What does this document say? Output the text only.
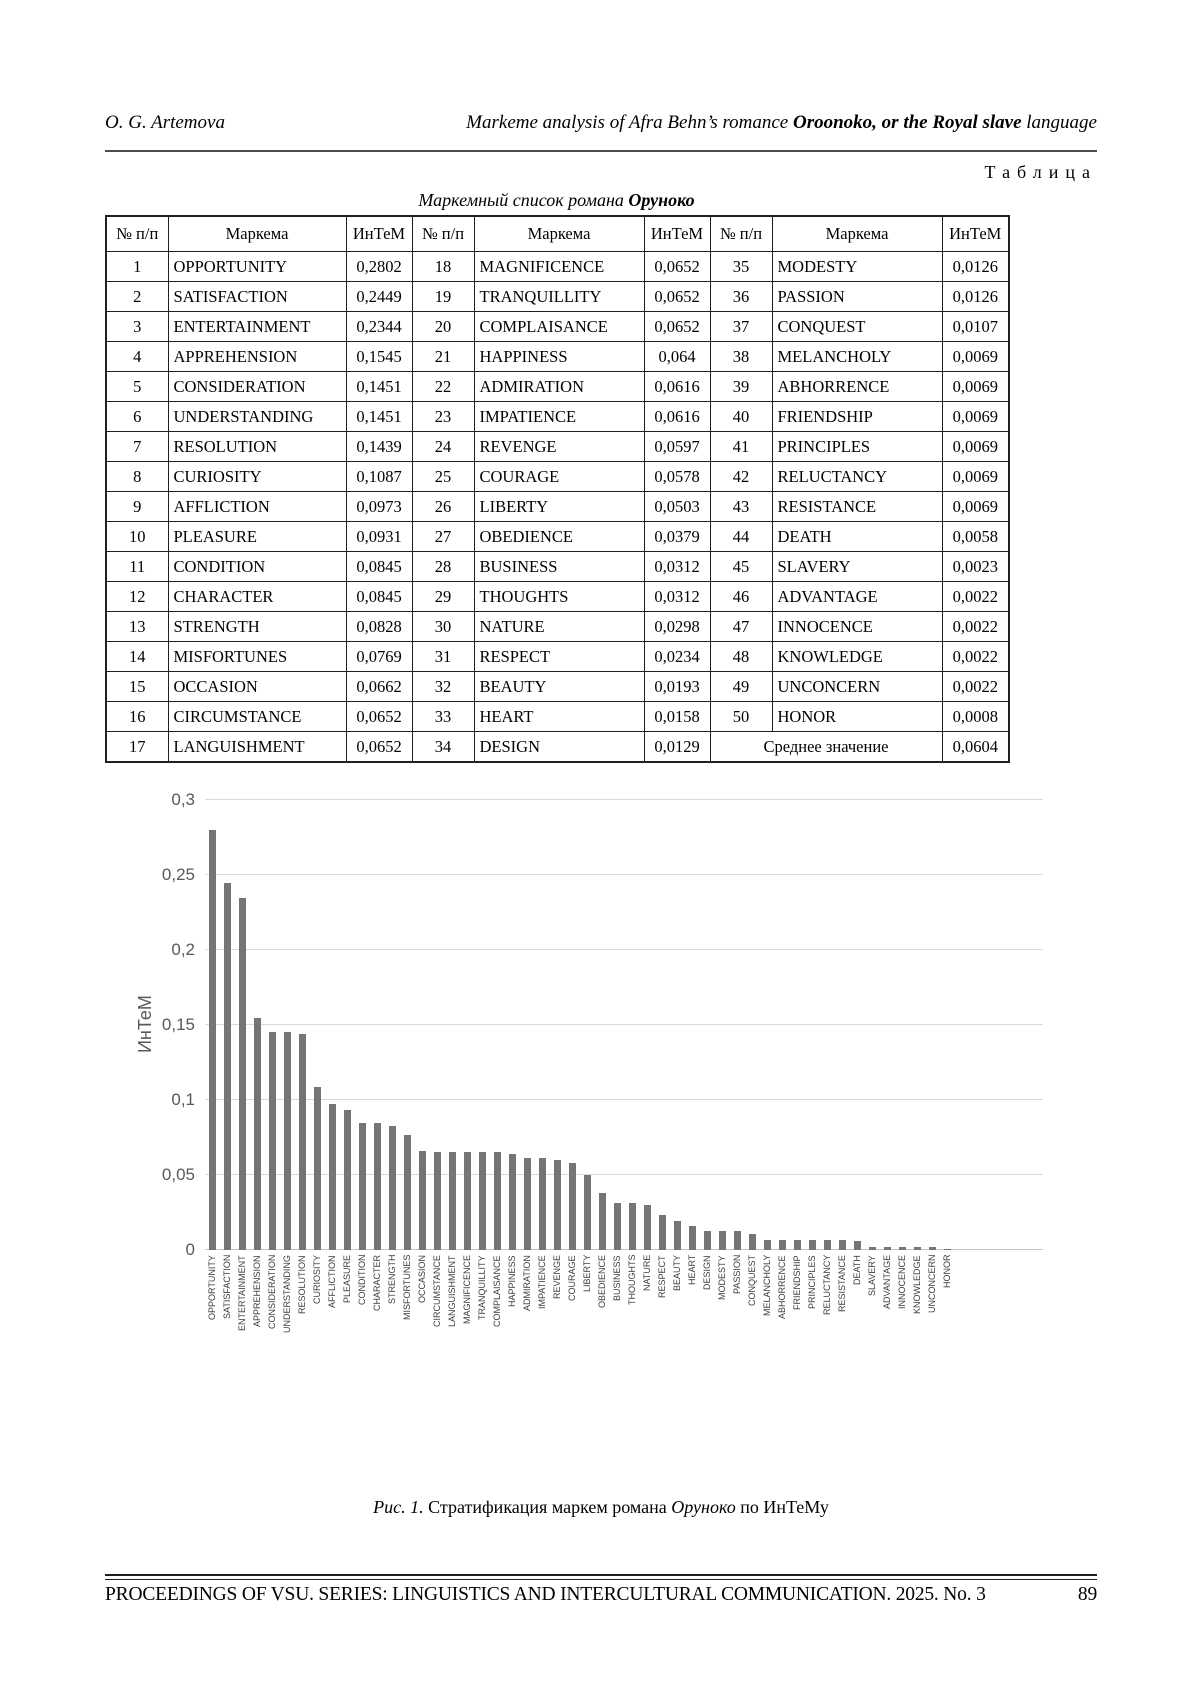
O. G. Artemova	Markeme analysis of Afra Behn’s romance Oroonoko, or the Royal slave language
Таблица
Маркемный список романа Оруноко
№ п/п	Маркема	ИнТеМ	№ п/п	Маркема	ИнТеМ	№ п/п	Маркема	ИнТеМ
1	OPPORTUNITY	0,2802	18	MAGNIFICENCE	0,0652	35	MODESTY	0,0126
2	SATISFACTION	0,2449	19	TRANQUILLITY	0,0652	36	PASSION	0,0126
3	ENTERTAINMENT	0,2344	20	COMPLAISANCE	0,0652	37	CONQUEST	0,0107
4	APPREHENSION	0,1545	21	HAPPINESS	0,064	38	MELANCHOLY	0,0069
5	CONSIDERATION	0,1451	22	ADMIRATION	0,0616	39	ABHORRENCE	0,0069
6	UNDERSTANDING	0,1451	23	IMPATIENCE	0,0616	40	FRIENDSHIP	0,0069
7	RESOLUTION	0,1439	24	REVENGE	0,0597	41	PRINCIPLES	0,0069
8	CURIOSITY	0,1087	25	COURAGE	0,0578	42	RELUCTANCY	0,0069
9	AFFLICTION	0,0973	26	LIBERTY	0,0503	43	RESISTANCE	0,0069
10	PLEASURE	0,0931	27	OBEDIENCE	0,0379	44	DEATH	0,0058
11	CONDITION	0,0845	28	BUSINESS	0,0312	45	SLAVERY	0,0023
12	CHARACTER	0,0845	29	THOUGHTS	0,0312	46	ADVANTAGE	0,0022
13	STRENGTH	0,0828	30	NATURE	0,0298	47	INNOCENCE	0,0022
14	MISFORTUNES	0,0769	31	RESPECT	0,0234	48	KNOWLEDGE	0,0022
15	OCCASION	0,0662	32	BEAUTY	0,0193	49	UNCONCERN	0,0022
16	CIRCUMSTANCE	0,0652	33	HEART	0,0158	50	HONOR	0,0008
17	LANGUISHMENT	0,0652	34	DESIGN	0,0129	Среднее значение		0,0604
ИнТеМ
0
0,05
0,1
0,15
0,2
0,25
0,3
OPPORTUNITY SATISFACTION ENTERTAINMENT APPREHENSION CONSIDERATION UNDERSTANDING RESOLUTION CURIOSITY AFFLICTION PLEASURE CONDITION CHARACTER STRENGTH MISFORTUNES OCCASION CIRCUMSTANCE LANGUISHMENT MAGNIFICENCE TRANQUILLITY COMPLAISANCE HAPPINESS ADMIRATION IMPATIENCE REVENGE COURAGE LIBERTY OBEDIENCE BUSINESS THOUGHTS NATURE RESPECT BEAUTY HEART DESIGN MODESTY PASSION CONQUEST MELANCHOLY ABHORRENCE FRIENDSHIP PRINCIPLES RELUCTANCY RESISTANCE DEATH SLAVERY ADVANTAGE INNOCENCE KNOWLEDGE UNCONCERN HONOR
Рис. 1. Стратификация маркем романа Оруноко по ИнТеМу
PROCEEDINGS OF VSU. SERIES: LINGUISTICS AND INTERCULTURAL COMMUNICATION. 2025. No. 3	89
